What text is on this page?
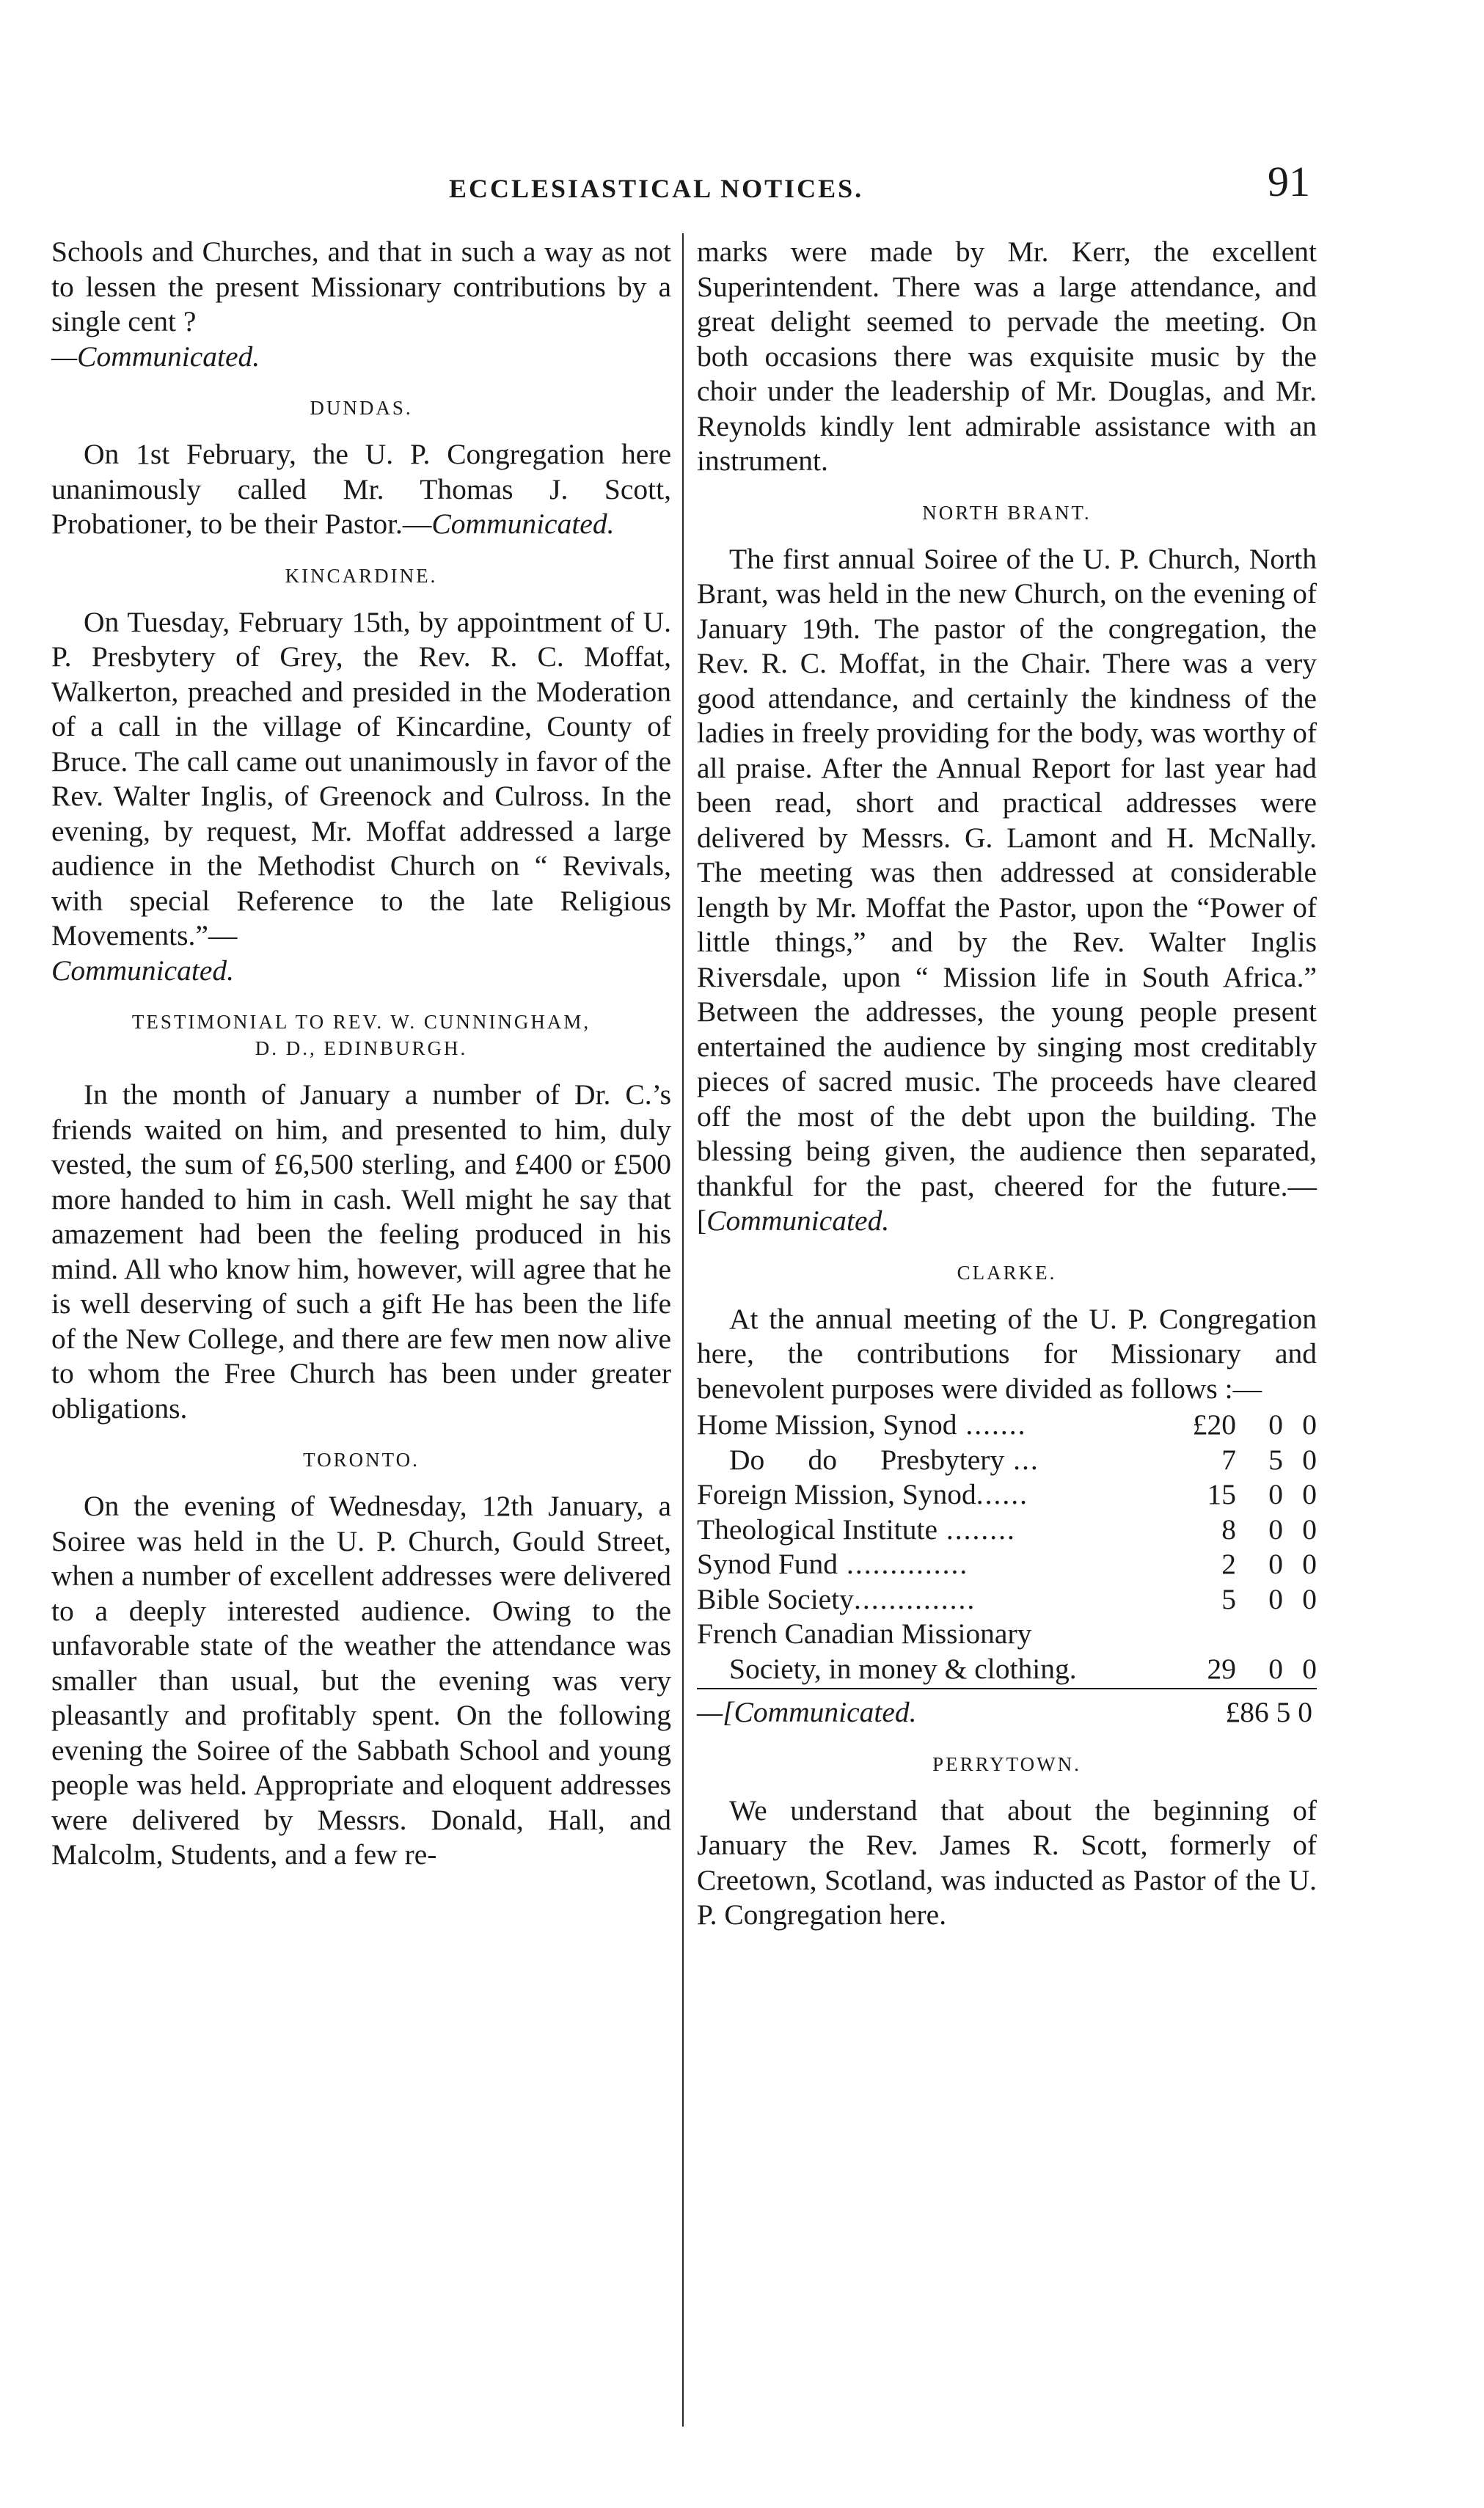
ECCLESIASTICAL NOTICES.	91

Schools and Churches, and that in such a way as not to lessen the present Missionary contributions by a single cent ?
—Communicated.

DUNDAS.

On 1st February, the U. P. Congregation here unanimously called Mr. Thomas J. Scott, Probationer, to be their Pastor.—Communicated.

KINCARDINE.

On Tuesday, February 15th, by appointment of U. P. Presbytery of Grey, the Rev. R. C. Moffat, Walkerton, preached and presided in the Moderation of a call in the village of Kincardine, County of Bruce. The call came out unanimously in favor of the Rev. Walter Inglis, of Greenock and Culross. In the evening, by request, Mr. Moffat addressed a large audience in the Methodist Church on “ Revivals, with special Reference to the late Religious Movements.”—
Communicated.

TESTIMONIAL TO REV. W. CUNNINGHAM,
D. D., EDINBURGH.

In the month of January a number of Dr. C.’s friends waited on him, and presented to him, duly vested, the sum of £6,500 sterling, and £400 or £500 more handed to him in cash. Well might he say that amazement had been the feeling produced in his mind. All who know him, however, will agree that he is well deserving of such a gift He has been the life of the New College, and there are few men now alive to whom the Free Church has been under greater obligations.

TORONTO.

On the evening of Wednesday, 12th January, a Soiree was held in the U. P. Church, Gould Street, when a number of excellent addresses were delivered to a deeply interested audience. Owing to the unfavorable state of the weather the attendance was smaller than usual, but the evening was very pleasantly and profitably spent. On the following evening the Soiree of the Sabbath School and young people was held. Appropriate and eloquent addresses were delivered by Messrs. Donald, Hall, and Malcolm, Students, and a few re-

marks were made by Mr. Kerr, the excellent Superintendent. There was a large attendance, and great delight seemed to pervade the meeting. On both occasions there was exquisite music by the choir under the leadership of Mr. Douglas, and Mr. Reynolds kindly lent admirable assistance with an instrument.

NORTH BRANT.

The first annual Soiree of the U. P. Church, North Brant, was held in the new Church, on the evening of January 19th. The pastor of the congregation, the Rev. R. C. Moffat, in the Chair. There was a very good attendance, and certainly the kindness of the ladies in freely providing for the body, was worthy of all praise. After the Annual Report for last year had been read, short and practical addresses were delivered by Messrs. G. Lamont and H. McNally. The meeting was then addressed at considerable length by Mr. Moffat the Pastor, upon the “Power of little things,” and by the Rev. Walter Inglis Riversdale, upon “ Mission life in South Africa.” Between the addresses, the young people present entertained the audience by singing most creditably pieces of sacred music. The proceeds have cleared off the most of the debt upon the building. The blessing being given, the audience then separated, thankful for the past, cheered for the future.—[Communicated.

CLARKE.

At the annual meeting of the U. P. Congregation here, the contributions for Missionary and benevolent purposes were divided as follows :—

Home Mission, Synod .......	£20	0	0
Do      do      Presbytery ...	7	5	0
Foreign Mission, Synod......	15	0	0
Theological Institute ........	8	0	0
Synod Fund ..............	2	0	0
Bible Society..............	5	0	0
French Canadian Missionary			
Society, in money & clothing.	29	0	0
—[Communicated.	£86 5 0
PERRYTOWN.

We understand that about the beginning of January the Rev. James R. Scott, formerly of Creetown, Scotland, was inducted as Pastor of the U. P. Congregation here.
